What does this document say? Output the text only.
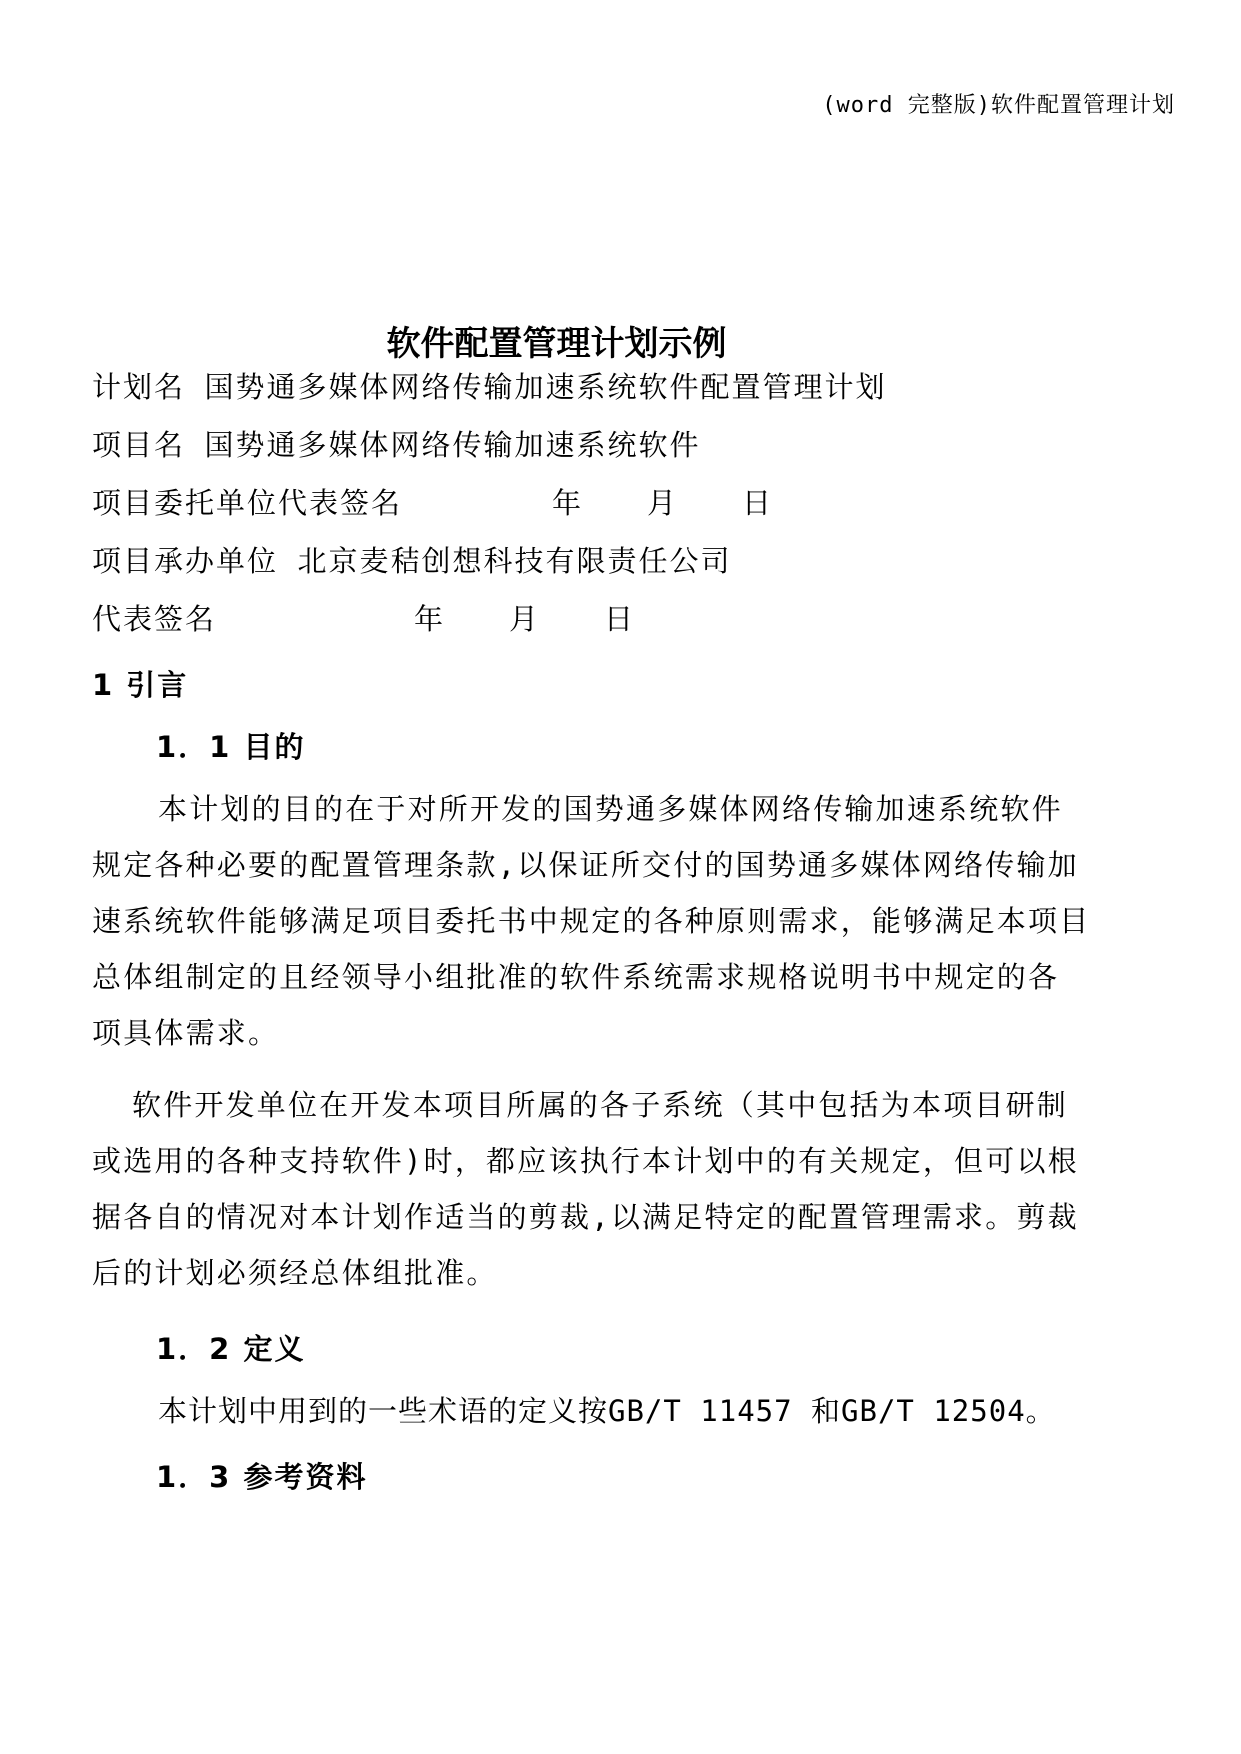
(word 完整版)软件配置管理计划
软件配置管理计划示例
计划名 国势通多媒体网络传输加速系统软件配置管理计划
项目名 国势通多媒体网络传输加速系统软件
项目委托单位代表签名	年 月 日
项目承办单位 北京麦秸创想科技有限责任公司
代表签名	年 月 日
1 引言
1．1 目的
本计划的目的在于对所开发的国势通多媒体网络传输加速系统软件
规定各种必要的配置管理条款,以保证所交付的国势通多媒体网络传输加
速系统软件能够满足项目委托书中规定的各种原则需求，能够满足本项目
总体组制定的且经领导小组批准的软件系统需求规格说明书中规定的各
项具体需求。
软件开发单位在开发本项目所属的各子系统（其中包括为本项目研制
或选用的各种支持软件)时，都应该执行本计划中的有关规定，但可以根
据各自的情况对本计划作适当的剪裁,以满足特定的配置管理需求。剪裁
后的计划必须经总体组批准。
1．2 定义
本计划中用到的一些术语的定义按GB/T 11457 和GB/T 12504。
1．3 参考资料
